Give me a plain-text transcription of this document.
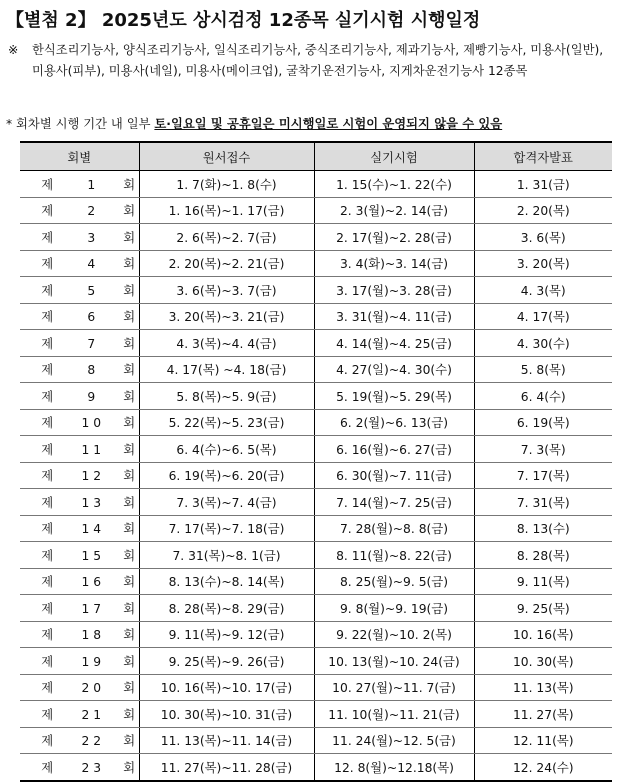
【별첨 2】 2025년도 상시검정 12종목 실기시험 시행일정
※ 한식조리기능사, 양식조리기능사, 일식조리기능사, 중식조리기능사, 제과기능사, 제빵기능사, 미용사(일반), 미용사(피부), 미용사(네일), 미용사(메이크업), 굴착기운전기능사, 지게차운전기능사 12종목
* 회차별 시행 기간 내 일부 토·일요일 및 공휴일은 미시행일로 시험이 운영되지 않을 수 있음
회별	원서접수	실기시험	합격자발표
제 1 회	1. 7(화)~1. 8(수)	1. 15(수)~1. 22(수)	1. 31(금)
제 2 회	1. 16(목)~1. 17(금)	2. 3(월)~2. 14(금)	2. 20(목)
제 3 회	2. 6(목)~2. 7(금)	2. 17(월)~2. 28(금)	3. 6(목)
제 4 회	2. 20(목)~2. 21(금)	3. 4(화)~3. 14(금)	3. 20(목)
제 5 회	3. 6(목)~3. 7(금)	3. 17(월)~3. 28(금)	4. 3(목)
제 6 회	3. 20(목)~3. 21(금)	3. 31(월)~4. 11(금)	4. 17(목)
제 7 회	4. 3(목)~4. 4(금)	4. 14(월)~4. 25(금)	4. 30(수)
제 8 회	4. 17(목) ~4. 18(금)	4. 27(일)~4. 30(수)	5. 8(목)
제 9 회	5. 8(목)~5. 9(금)	5. 19(월)~5. 29(목)	6. 4(수)
제 1 0 회	5. 22(목)~5. 23(금)	6. 2(월)~6. 13(금)	6. 19(목)
제 1 1 회	6. 4(수)~6. 5(목)	6. 16(월)~6. 27(금)	7. 3(목)
제 1 2 회	6. 19(목)~6. 20(금)	6. 30(월)~7. 11(금)	7. 17(목)
제 1 3 회	7. 3(목)~7. 4(금)	7. 14(월)~7. 25(금)	7. 31(목)
제 1 4 회	7. 17(목)~7. 18(금)	7. 28(월)~8. 8(금)	8. 13(수)
제 1 5 회	7. 31(목)~8. 1(금)	8. 11(월)~8. 22(금)	8. 28(목)
제 1 6 회	8. 13(수)~8. 14(목)	8. 25(월)~9. 5(금)	9. 11(목)
제 1 7 회	8. 28(목)~8. 29(금)	9. 8(월)~9. 19(금)	9. 25(목)
제 1 8 회	9. 11(목)~9. 12(금)	9. 22(월)~10. 2(목)	10. 16(목)
제 1 9 회	9. 25(목)~9. 26(금)	10. 13(월)~10. 24(금)	10. 30(목)
제 2 0 회	10. 16(목)~10. 17(금)	10. 27(월)~11. 7(금)	11. 13(목)
제 2 1 회	10. 30(목)~10. 31(금)	11. 10(월)~11. 21(금)	11. 27(목)
제 2 2 회	11. 13(목)~11. 14(금)	11. 24(월)~12. 5(금)	12. 11(목)
제 2 3 회	11. 27(목)~11. 28(금)	12. 8(월)~12.18(목)	12. 24(수)
